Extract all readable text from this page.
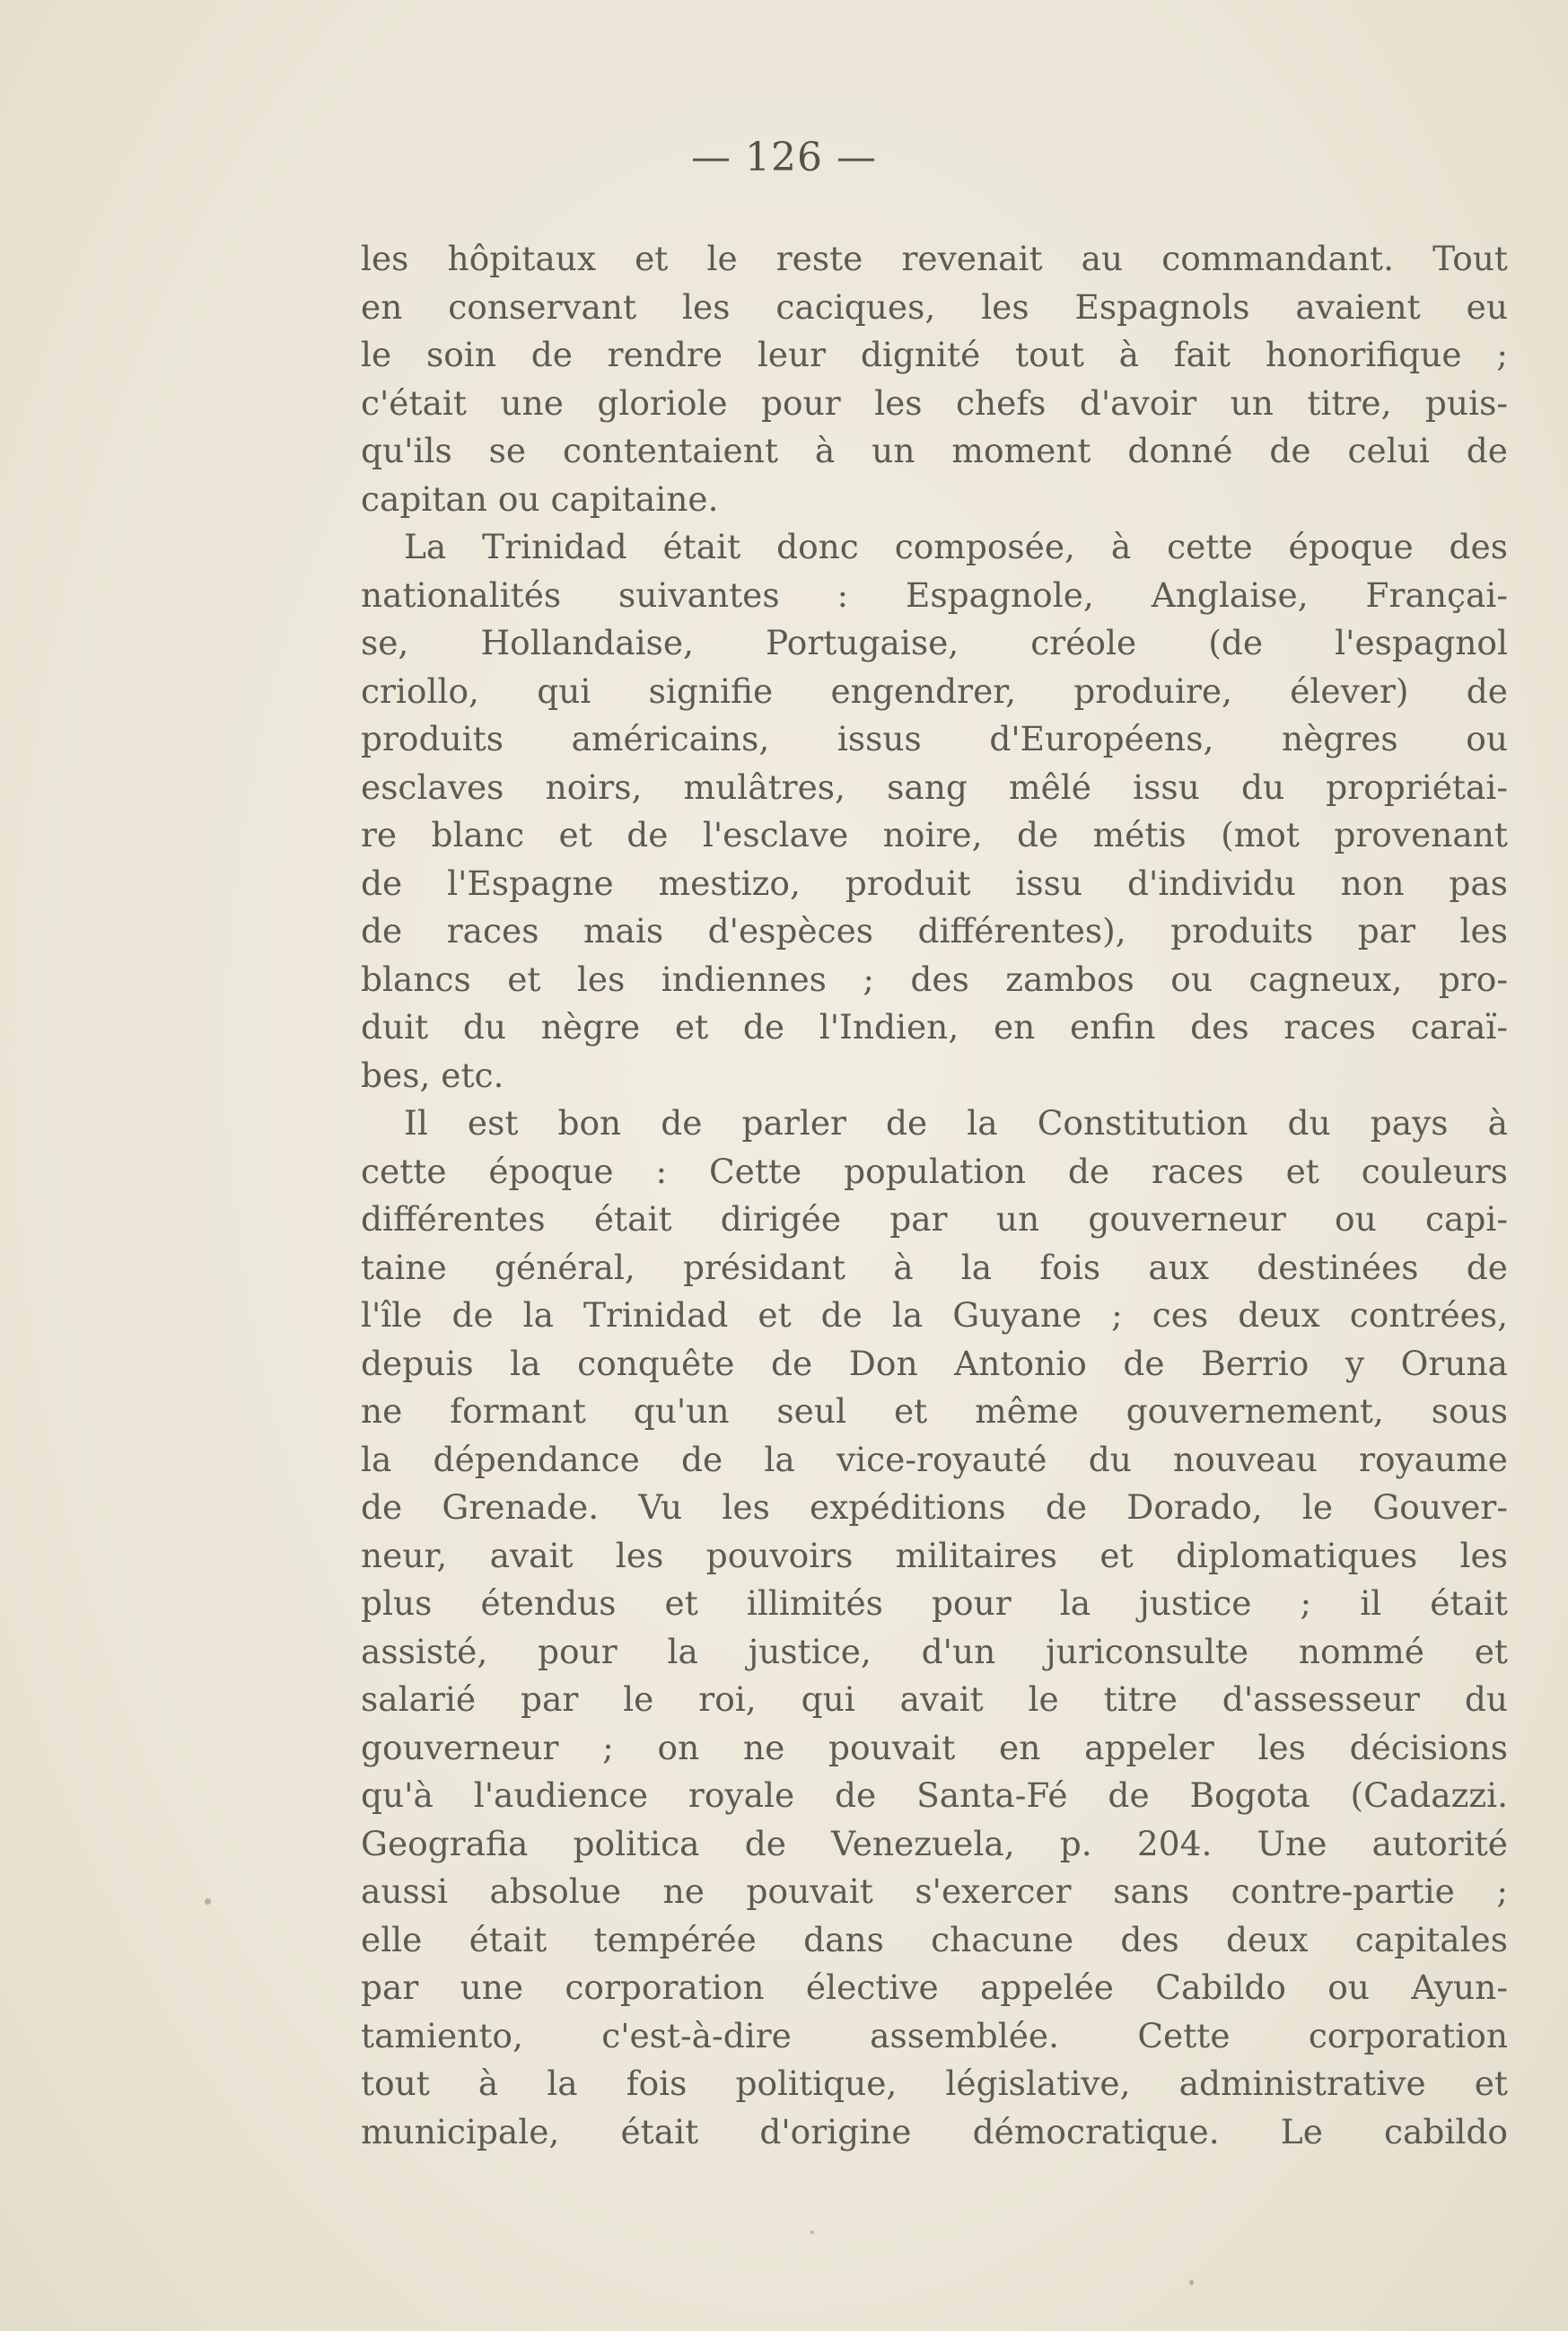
— 126 —
les hôpitaux et le reste revenait au commandant. Tout
en conservant les caciques, les Espagnols avaient eu
le soin de rendre leur dignité tout à fait honorifique ;
c'était une gloriole pour les chefs d'avoir un titre, puis-
qu'ils se contentaient à un moment donné de celui de
capitan ou capitaine.
La Trinidad était donc composée, à cette époque des
nationalités suivantes : Espagnole, Anglaise, Françai-
se, Hollandaise, Portugaise, créole (de l'espagnol
criollo, qui signifie engendrer, produire, élever) de
produits américains, issus d'Européens, nègres ou
esclaves noirs, mulâtres, sang mêlé issu du propriétai-
re blanc et de l'esclave noire, de métis (mot provenant
de l'Espagne mestizo, produit issu d'individu non pas
de races mais d'espèces différentes), produits par les
blancs et les indiennes ; des zambos ou cagneux, pro-
duit du nègre et de l'Indien, en enfin des races caraï-
bes, etc.
Il est bon de parler de la Constitution du pays à
cette époque : Cette population de races et couleurs
différentes était dirigée par un gouverneur ou capi-
taine général, présidant à la fois aux destinées de
l'île de la Trinidad et de la Guyane ; ces deux contrées,
depuis la conquête de Don Antonio de Berrio y Oruna
ne formant qu'un seul et même gouvernement, sous
la dépendance de la vice-royauté du nouveau royaume
de Grenade. Vu les expéditions de Dorado, le Gouver-
neur, avait les pouvoirs militaires et diplomatiques les
plus étendus et illimités pour la justice ; il était
assisté, pour la justice, d'un juriconsulte nommé et
salarié par le roi, qui avait le titre d'assesseur du
gouverneur ; on ne pouvait en appeler les décisions
qu'à l'audience royale de Santa-Fé de Bogota (Cadazzi.
Geografia politica de Venezuela, p. 204. Une autorité
aussi absolue ne pouvait s'exercer sans contre-partie ;
elle était tempérée dans chacune des deux capitales
par une corporation élective appelée Cabildo ou Ayun-
tamiento, c'est-à-dire assemblée. Cette corporation
tout à la fois politique, législative, administrative et
municipale, était d'origine démocratique. Le cabildo
